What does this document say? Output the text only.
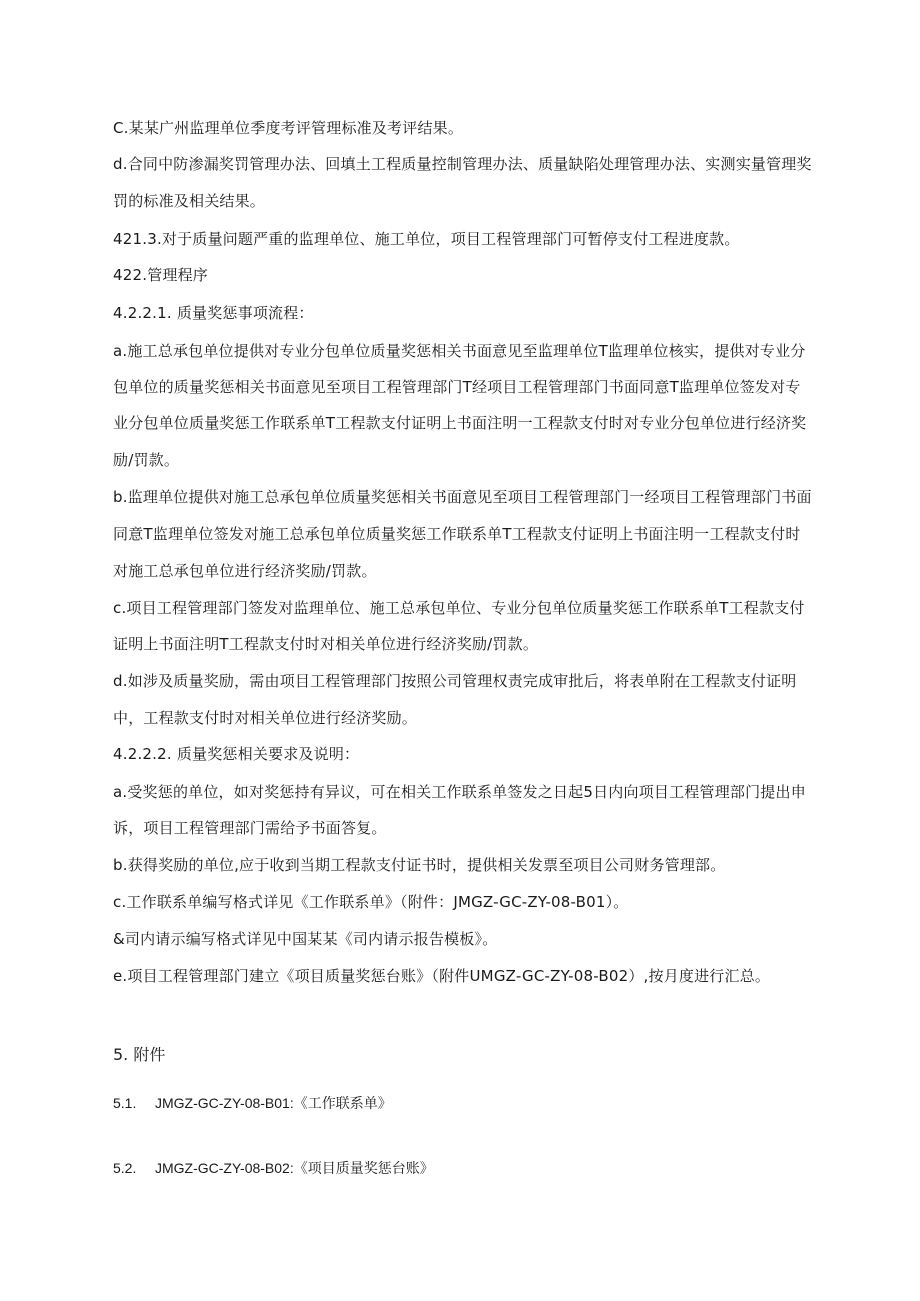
C.某某广州监理单位季度考评管理标准及考评结果。
d.合同中防渗漏奖罚管理办法、回填土工程质量控制管理办法、质量缺陷处理管理办法、实测实量管理奖
罚的标准及相关结果。
421.3.对于质量问题严重的监理单位、施工单位，项目工程管理部门可暂停支付工程进度款。
422.管理程序
4.2.2.1. 质量奖惩事项流程：
a.施工总承包单位提供对专业分包单位质量奖惩相关书面意见至监理单位T监理单位核实，提供对专业分
包单位的质量奖惩相关书面意见至项目工程管理部门T经项目工程管理部门书面同意T监理单位签发对专
业分包单位质量奖惩工作联系单T工程款支付证明上书面注明一工程款支付时对专业分包单位进行经济奖
励/罚款。
b.监理单位提供对施工总承包单位质量奖惩相关书面意见至项目工程管理部门一经项目工程管理部门书面
同意T监理单位签发对施工总承包单位质量奖惩工作联系单T工程款支付证明上书面注明一工程款支付时
对施工总承包单位进行经济奖励/罚款。
c.项目工程管理部门签发对监理单位、施工总承包单位、专业分包单位质量奖惩工作联系单T工程款支付
证明上书面注明T工程款支付时对相关单位进行经济奖励/罚款。
d.如涉及质量奖励，需由项目工程管理部门按照公司管理权责完成审批后，将表单附在工程款支付证明
中，工程款支付时对相关单位进行经济奖励。
4.2.2.2. 质量奖惩相关要求及说明：
a.受奖惩的单位，如对奖惩持有异议，可在相关工作联系单签发之日起5日内向项目工程管理部门提出申
诉，项目工程管理部门需给予书面答复。
b.获得奖励的单位,应于收到当期工程款支付证书时，提供相关发票至项目公司财务管理部。
c.工作联系单编写格式详见《工作联系单》（附件：JMGZ-GC-ZY-08-B01）。
&司内请示编写格式详见中国某某《司内请示报告模板》。
e.项目工程管理部门建立《项目质量奖惩台账》（附件UMGZ-GC-ZY-08-B02）,按月度进行汇总。
5. 附件
5.1. JMGZ-GC-ZY-08-B01:《工作联系单》
5.2. JMGZ-GC-ZY-08-B02:《项目质量奖惩台账》
